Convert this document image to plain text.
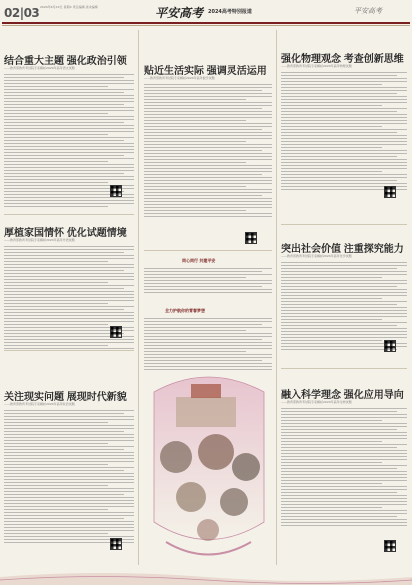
02|03 2024年6月XX日 星期X 责任编辑 美术编辑	平安高考 2024高考特别报道	平安高考
结合重大主题 强化政治引领
——教育部教育考试院专家解析2024年高考语文试题
厚植家国情怀 优化试题情境
——教育部教育考试院专家解析2024年高考外语试题
关注现实问题 展现时代新貌
——教育部教育考试院专家解析2024年高考政治试题
贴近生活实际 强调灵活运用
——教育部教育考试院专家解析2024年高考数学试题
同心同行 共建平安
全力护航你的青春梦想
强化物理观念 考查创新思维
——教育部教育考试院专家解析2024年高考物理试题
突出社会价值 注重探究能力
——教育部教育考试院专家解析2024年高考化学试题
融入科学理念 强化应用导向
——教育部教育考试院专家解析2024年高考生物试题
